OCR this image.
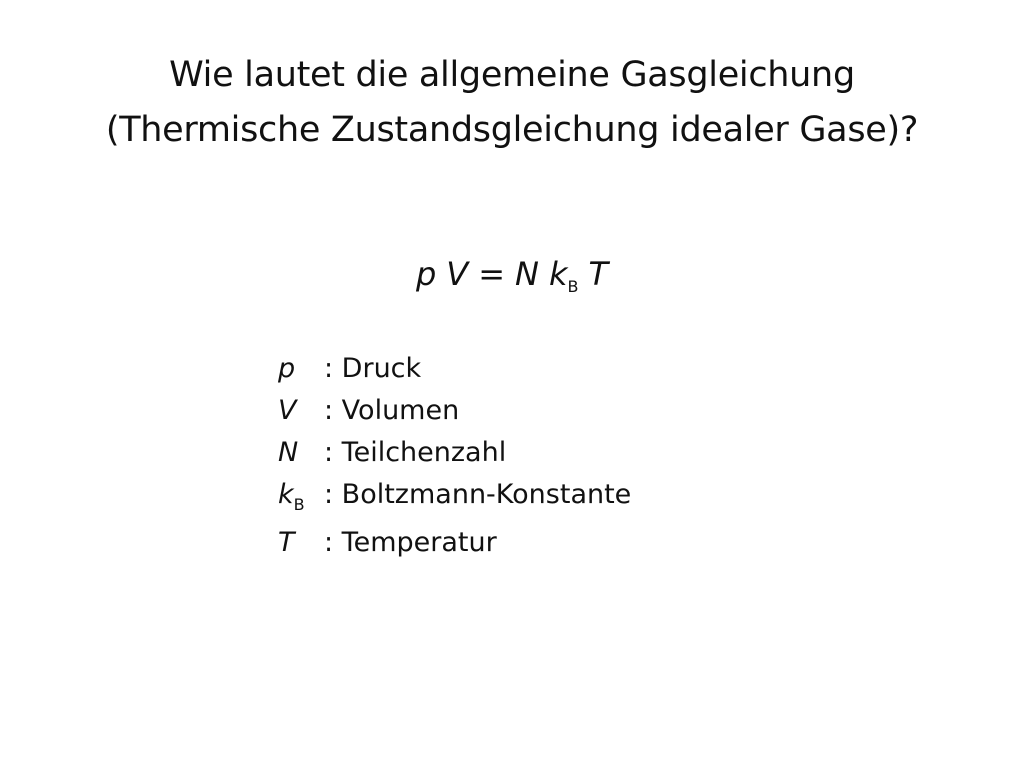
Wie lautet die allgemeine Gasgleichung
(Thermische Zustandsgleichung idealer Gase)?
p V = N $k_B$ T
p	: Druck
V	: Volumen
N : Teilchenzahl
$k_B$ : Boltzmann-Konstante
T	: Temperatur
